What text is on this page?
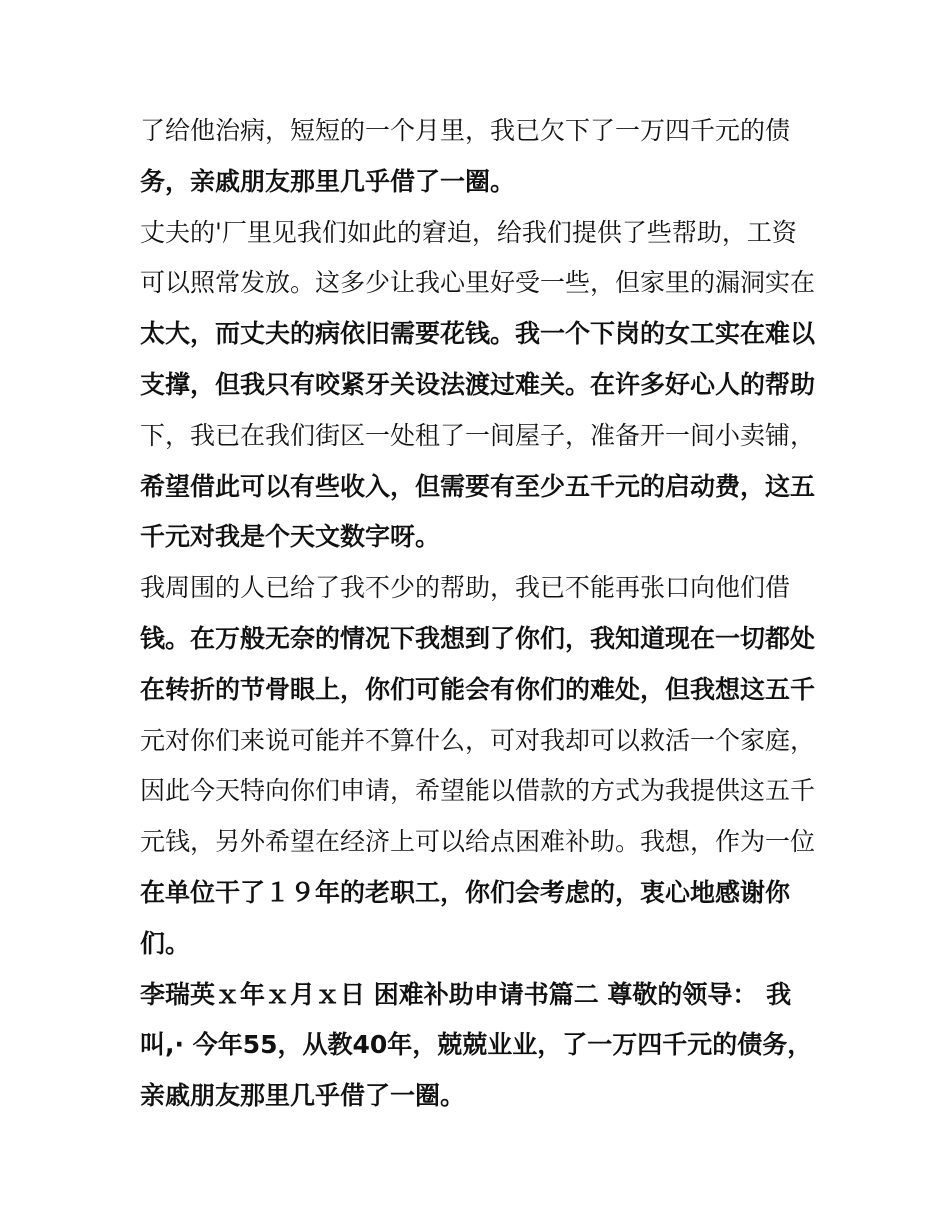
了给他治病，短短的一个月里，我已欠下了一万四千元的债
务，亲戚朋友那里几乎借了一圈。
丈夫的'厂里见我们如此的窘迫，给我们提供了些帮助，工资
可以照常发放。这多少让我心里好受一些，但家里的漏洞实在
太大，而丈夫的病依旧需要花钱。我一个下岗的女工实在难以
支撑，但我只有咬紧牙关设法渡过难关。在许多好心人的帮助
下，我已在我们街区一处租了一间屋子，准备开一间小卖铺，
希望借此可以有些收入，但需要有至少五千元的启动费，这五
千元对我是个天文数字呀。
我周围的人已给了我不少的帮助，我已不能再张口向他们借
钱。在万般无奈的情况下我想到了你们，我知道现在一切都处
在转折的节骨眼上，你们可能会有你们的难处，但我想这五千
元对你们来说可能并不算什么，可对我却可以救活一个家庭，
因此今天特向你们申请，希望能以借款的方式为我提供这五千
元钱，另外希望在经济上可以给点困难补助。我想，作为一位
在单位干了１９年的老职工，你们会考虑的，衷心地感谢你
们。
李瑞英ｘ年ｘ月ｘ日 困难补助申请书篇二 尊敬的领导： 我
叫,· 今年55，从教40年，兢兢业业，了一万四千元的债务，
亲戚朋友那里几乎借了一圈。
